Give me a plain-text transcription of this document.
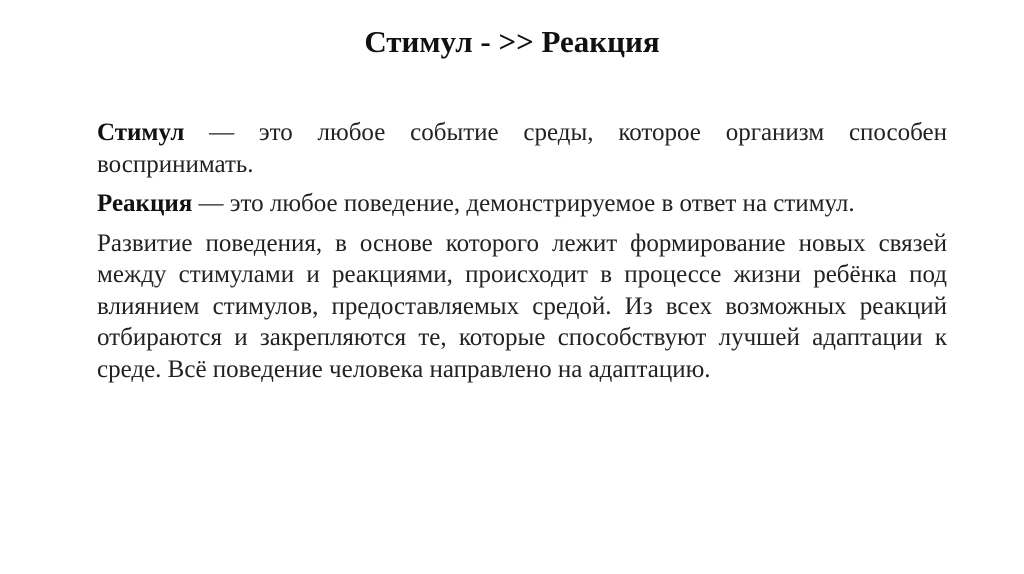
Стимул - >> Реакция

Стимул — это любое событие среды, которое организм способен воспринимать.

Реакция — это любое поведение, демонстрируемое в ответ на стимул.

Развитие поведения, в основе которого лежит формирование новых связей между стимулами и реакциями, происходит в процессе жизни ребёнка под влиянием стимулов, предоставляемых средой. Из всех возможных реакций отбираются и закрепляются те, которые способствуют лучшей адаптации к среде. Всё поведение человека направлено на адаптацию.
